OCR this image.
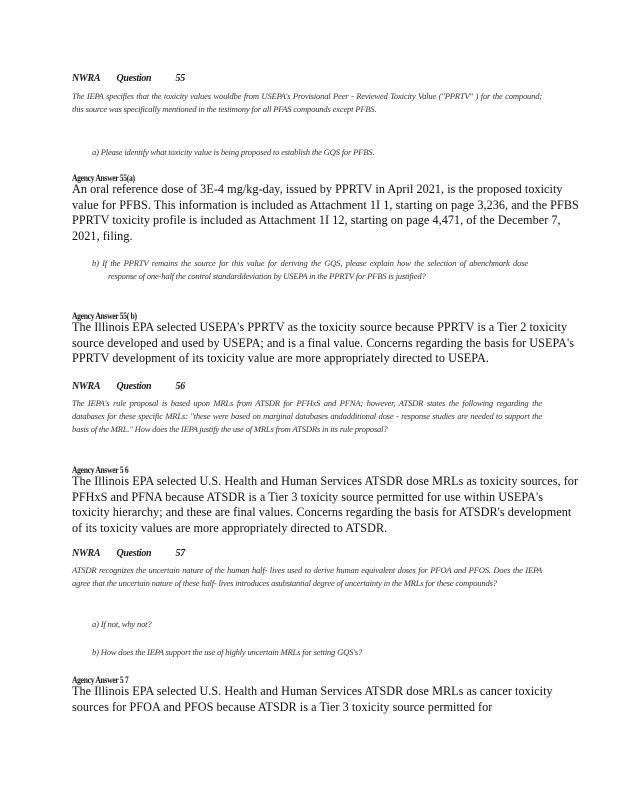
NWRA Question 55
The IEPA specifies that the toxicity values wouldbe from USEPA's Provisional Peer - Reviewed Toxicity Value ("PPRTV" ) for the compound; this source was specifically mentioned in the testimony for all PFAS compounds except PFBS.
a) Please identify what toxicity value is being proposed to establish the GQS for PFBS.
Agency Answer 55(a)
An oral reference dose of 3E-4 mg/kg-day, issued by PPRTV in April 2021, is the proposed toxicity value for PFBS. This information is included as Attachment 1I 1, starting on page 3,236, and the PFBS PPRTV toxicity profile is included as Attachment 1I 12, starting on page 4,471, of the December 7, 2021, filing.
b) If the PPRTV remains the source for this value for deriving the GQS, please explain how the selection of abenchmark dose response of one-half the control standarddeviation by USEPA in the PPRTV for PFBS is justified?
Agency Answer 55( b)
The Illinois EPA selected USEPA's PPRTV as the toxicity source because PPRTV is a Tier 2 toxicity source developed and used by USEPA; and is a final value. Concerns regarding the basis for USEPA's PPRTV development of its toxicity value are more appropriately directed to USEPA.
NWRA Question 56
The IEPA's rule proposal is based upon MRLs from ATSDR for PFHxS and PFNA; however, ATSDR states the following regarding the databases for these specific MRLs: "these were based on marginal databases andadditional dose - response studies are needed to support the basis of the MRL." How does the IEPA justify the use of MRLs from ATSDRs in its rule proposal?
Agency Answer 5 6
The Illinois EPA selected U.S. Health and Human Services ATSDR dose MRLs as toxicity sources, for PFHxS and PFNA because ATSDR is a Tier 3 toxicity source permitted for use within USEPA's toxicity hierarchy; and these are final values. Concerns regarding the basis for ATSDR's development of its toxicity values are more appropriately directed to ATSDR.
NWRA Question 57
ATSDR recognizes the uncertain nature of the human half- lives used to derive human equivalent doses for PFOA and PFOS. Does the IEPA agree that the uncertain nature of these half- lives introduces asubstantial degree of uncertainty in the MRLs for these compounds?
a) If not, why not?
b) How does the IEPA support the use of highly uncertain MRLs for setting GQS's?
Agency Answer 5 7
The Illinois EPA selected U.S. Health and Human Services ATSDR dose MRLs as cancer toxicity sources for PFOA and PFOS because ATSDR is a Tier 3 toxicity source permitted for
